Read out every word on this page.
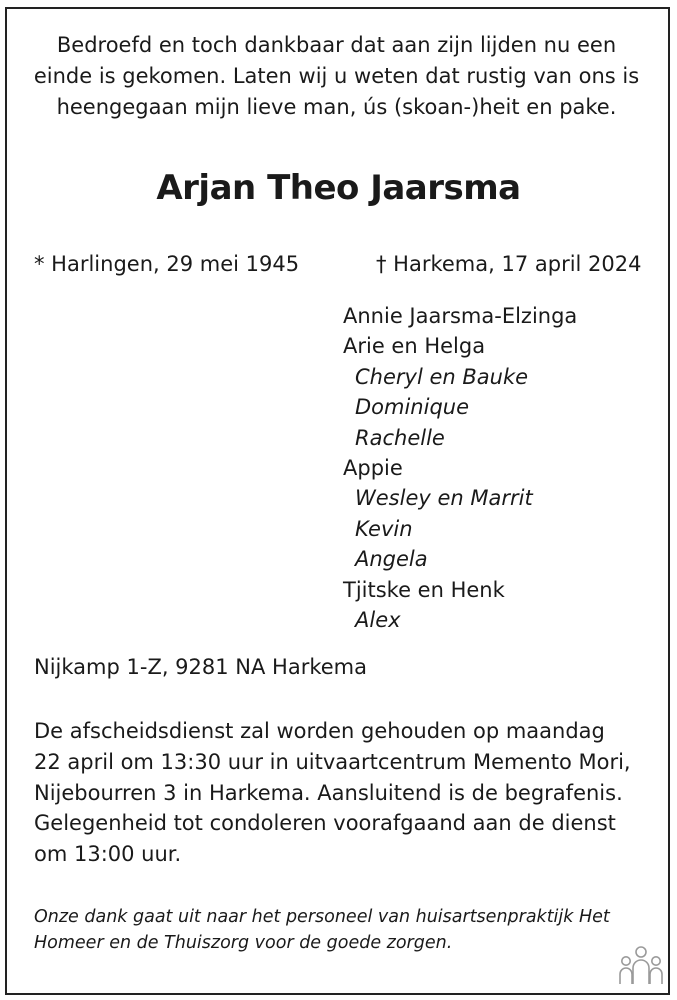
Bedroefd en toch dankbaar dat aan zijn lijden nu een
einde is gekomen. Laten wij u weten dat rustig van ons is
heengegaan mijn lieve man, ús (skoan-)heit en pake.
Arjan Theo Jaarsma
* Harlingen, 29 mei 1945	† Harkema, 17 april 2024
Annie Jaarsma-Elzinga
Arie en Helga
Cheryl en Bauke
Dominique
Rachelle
Appie
Wesley en Marrit
Kevin
Angela
Tjitske en Henk
Alex
Nijkamp 1-Z, 9281 NA Harkema
De afscheidsdienst zal worden gehouden op maandag
22 april om 13:30 uur in uitvaartcentrum Memento Mori,
Nijebourren 3 in Harkema. Aansluitend is de begrafenis.
Gelegenheid tot condoleren voorafgaand aan de dienst
om 13:00 uur.
Onze dank gaat uit naar het personeel van huisartsenpraktijk Het
Homeer en de Thuiszorg voor de goede zorgen.
